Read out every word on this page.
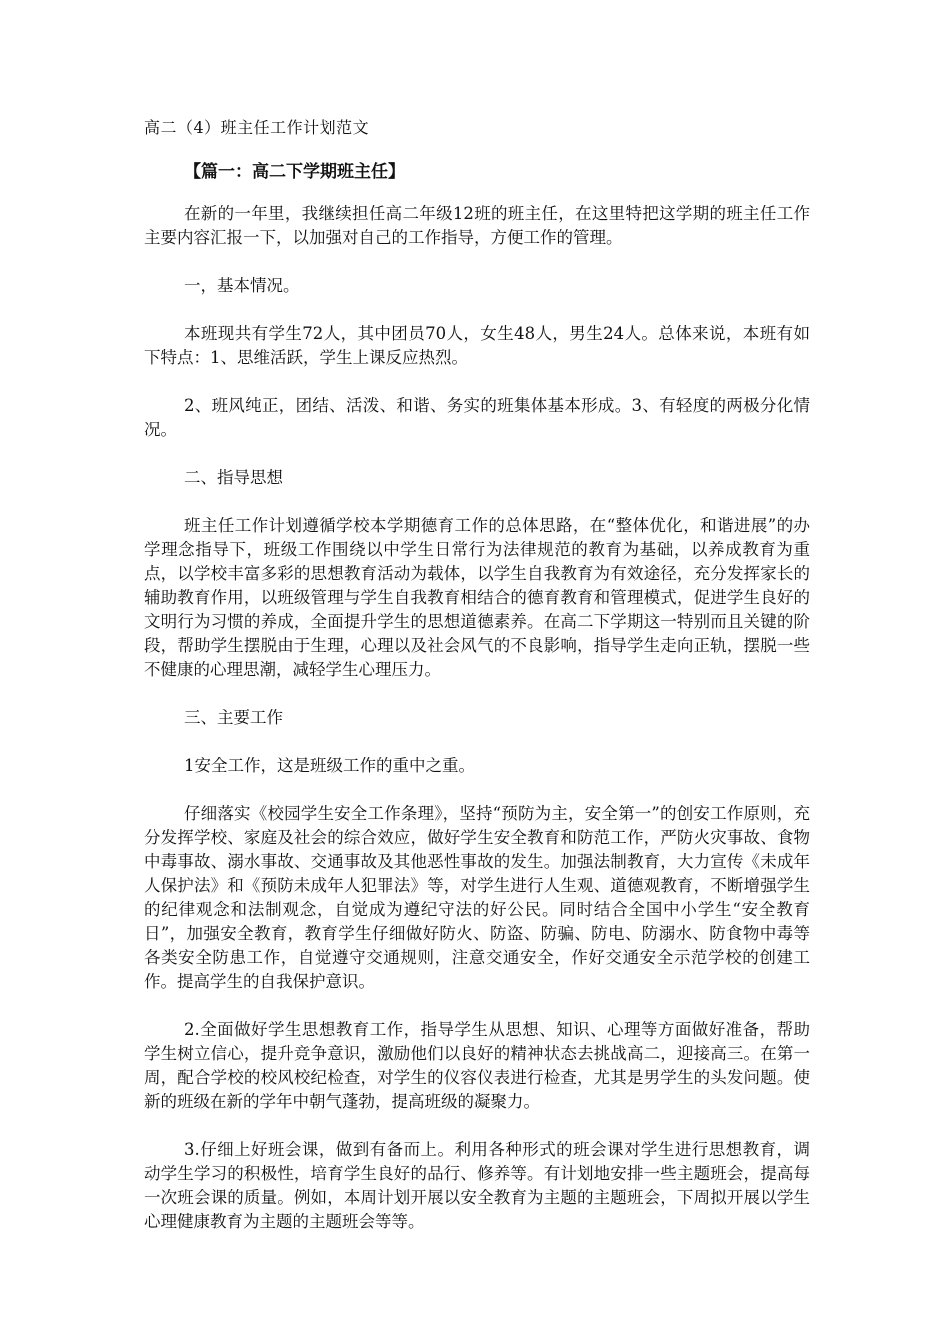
高二（4）班主任工作计划范文
【篇一：高二下学期班主任】

在新的一年里，我继续担任高二年级12班的班主任，在这里特把这学期的班主任工作主要内容汇报一下，以加强对自己的工作指导，方便工作的管理。

一，基本情况。

本班现共有学生72人，其中团员70人，女生48人，男生24人。总体来说，本班有如下特点：1、思维活跃，学生上课反应热烈。

2、班风纯正，团结、活泼、和谐、务实的班集体基本形成。3、有轻度的两极分化情况。

二、指导思想

班主任工作计划遵循学校本学期德育工作的总体思路，在“整体优化，和谐进展”的办学理念指导下，班级工作围绕以中学生日常行为法律规范的教育为基础，以养成教育为重点，以学校丰富多彩的思想教育活动为载体，以学生自我教育为有效途径，充分发挥家长的辅助教育作用，以班级管理与学生自我教育相结合的德育教育和管理模式，促进学生良好的文明行为习惯的养成，全面提升学生的思想道德素养。在高二下学期这一特别而且关键的阶段，帮助学生摆脱由于生理，心理以及社会风气的不良影响，指导学生走向正轨，摆脱一些不健康的心理思潮，减轻学生心理压力。

三、主要工作

1安全工作，这是班级工作的重中之重。

仔细落实《校园学生安全工作条理》，坚持“预防为主，安全第一”的创安工作原则，充分发挥学校、家庭及社会的综合效应，做好学生安全教育和防范工作，严防火灾事故、食物中毒事故、溺水事故、交通事故及其他恶性事故的发生。加强法制教育，大力宣传《未成年人保护法》和《预防未成年人犯罪法》等，对学生进行人生观、道德观教育，不断增强学生的纪律观念和法制观念，自觉成为遵纪守法的好公民。同时结合全国中小学生“安全教育日”，加强安全教育，教育学生仔细做好防火、防盗、防骗、防电、防溺水、防食物中毒等各类安全防患工作，自觉遵守交通规则，注意交通安全，作好交通安全示范学校的创建工作。提高学生的自我保护意识。

2.全面做好学生思想教育工作，指导学生从思想、知识、心理等方面做好准备，帮助学生树立信心，提升竞争意识，激励他们以良好的精神状态去挑战高二，迎接高三。在第一周，配合学校的校风校纪检查，对学生的仪容仪表进行检查，尤其是男学生的头发问题。使新的班级在新的学年中朝气蓬勃，提高班级的凝聚力。

3.仔细上好班会课，做到有备而上。利用各种形式的班会课对学生进行思想教育，调动学生学习的积极性，培育学生良好的品行、修养等。有计划地安排一些主题班会，提高每一次班会课的质量。例如，本周计划开展以安全教育为主题的主题班会，下周拟开展以学生心理健康教育为主题的主题班会等等。
